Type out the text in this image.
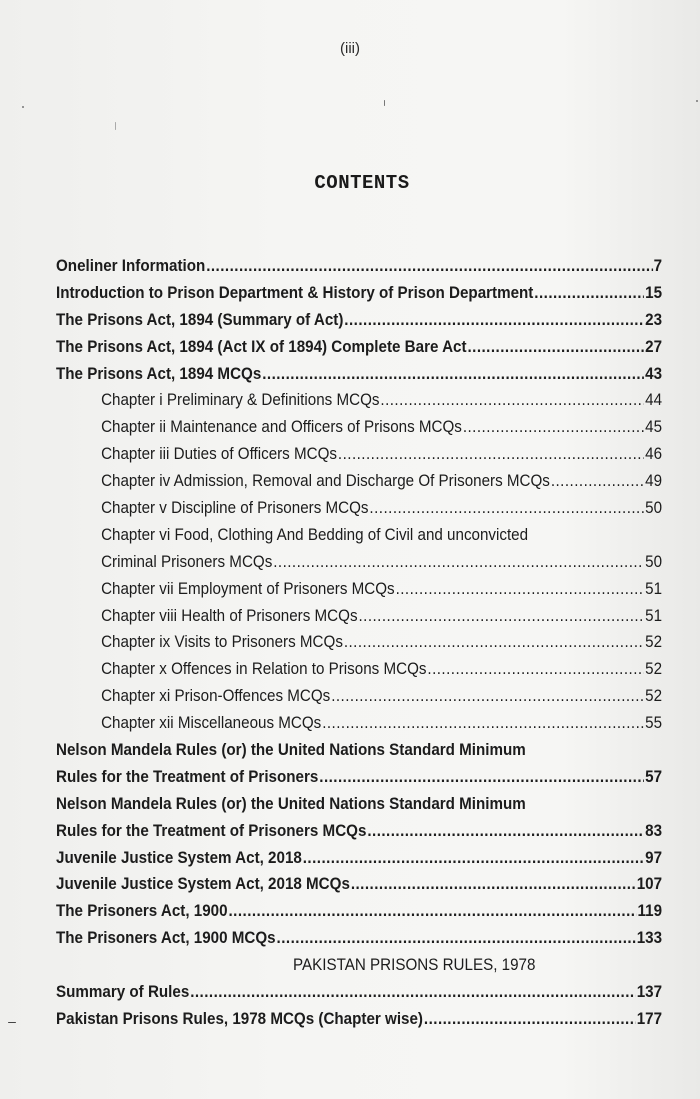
(iii)
CONTENTS
Oneliner Information .....	7
Introduction to Prison Department & History of Prison Department .....	15
The Prisons Act, 1894 (Summary of Act) .....	23
The Prisons Act, 1894 (Act IX of 1894) Complete Bare Act .....	27
The Prisons Act, 1894 MCQs .....	43
Chapter i Preliminary & Definitions MCQs .....	44
Chapter ii Maintenance and Officers of Prisons MCQs .....	45
Chapter iii Duties of Officers MCQs .....	46
Chapter iv Admission, Removal and Discharge Of Prisoners MCQs .....	49
Chapter v Discipline of Prisoners MCQs .....	50
Chapter vi Food, Clothing And Bedding of Civil and unconvicted
Criminal Prisoners MCQs .....	50
Chapter vii Employment of Prisoners MCQs .....	51
Chapter viii Health of Prisoners MCQs .....	51
Chapter ix Visits to Prisoners MCQs .....	52
Chapter x Offences in Relation to Prisons MCQs .....	52
Chapter xi Prison-Offences MCQs .....	52
Chapter xii Miscellaneous MCQs .....	55
Nelson Mandela Rules (or) the United Nations Standard Minimum
Rules for the Treatment of Prisoners .....	57
Nelson Mandela Rules (or) the United Nations Standard Minimum
Rules for the Treatment of Prisoners MCQs .....	83
Juvenile Justice System Act, 2018 .....	97
Juvenile Justice System Act, 2018 MCQs .....	107
The Prisoners Act, 1900 .....	119
The Prisoners Act, 1900 MCQs .....	133
PAKISTAN PRISONS RULES, 1978
Summary of Rules .....	137
Pakistan Prisons Rules, 1978 MCQs (Chapter wise) .....	177
